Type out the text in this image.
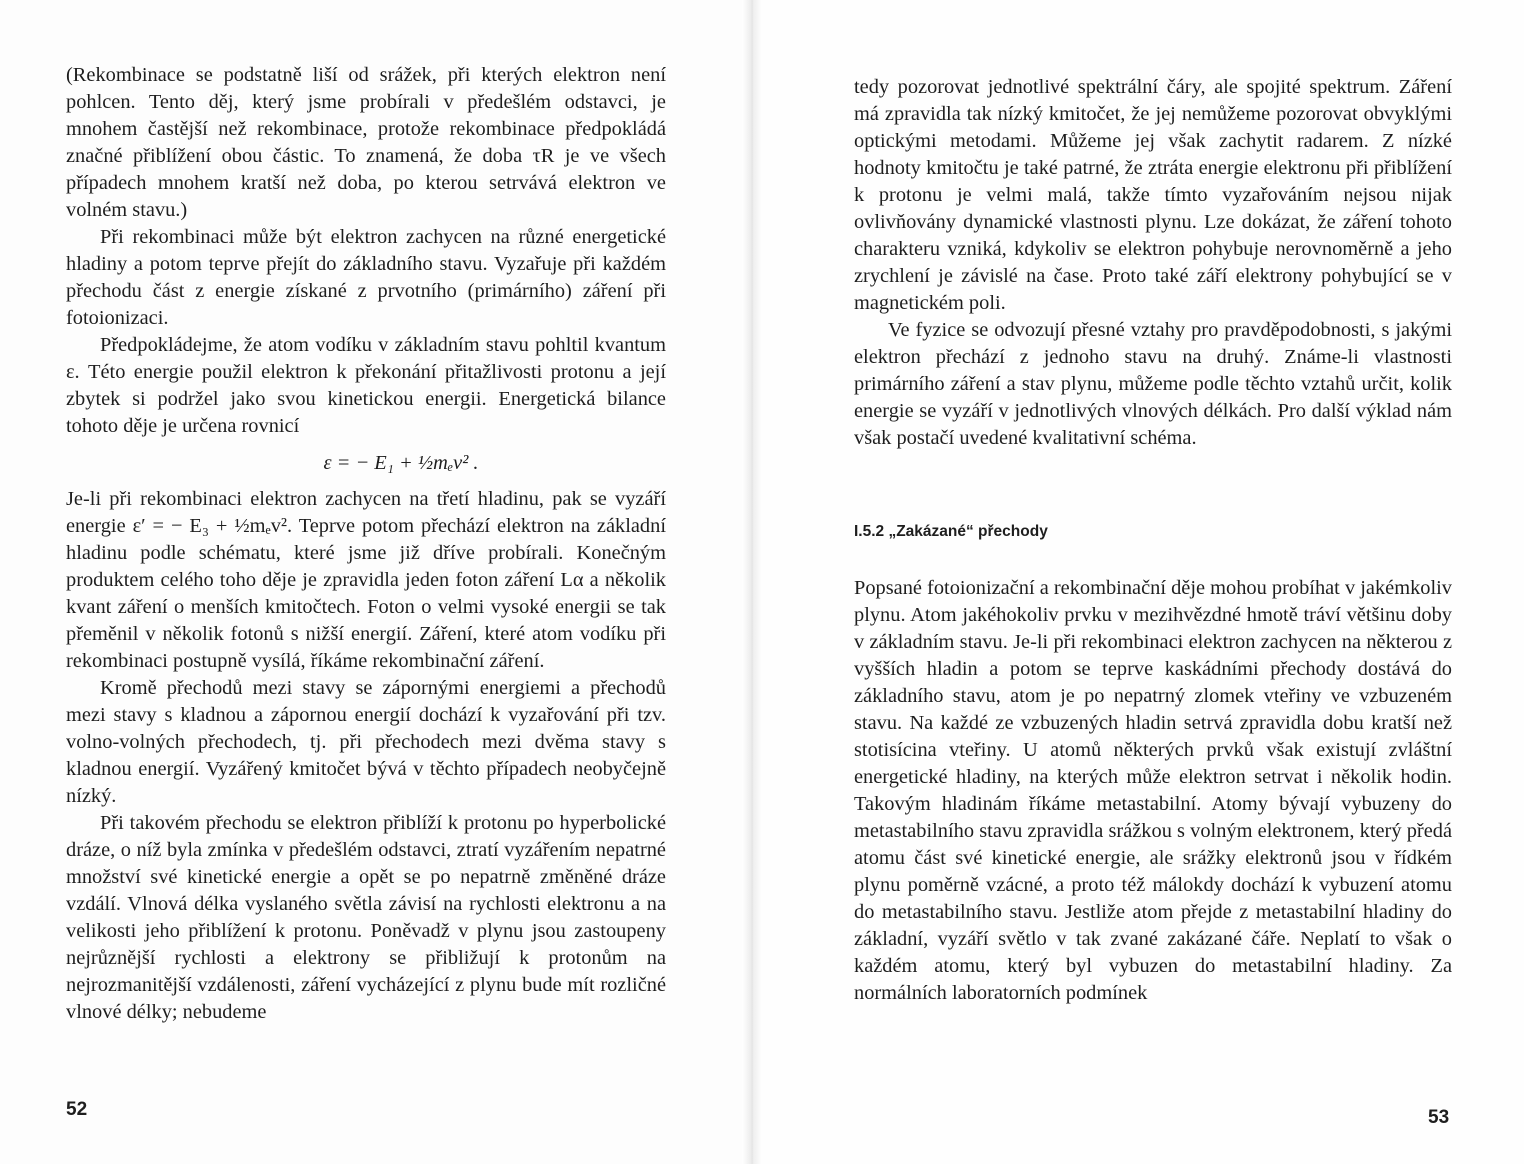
(Rekombinace se podstatně liší od srážek, při kterých elektron není pohlcen. Tento děj, který jsme probírali v předešlém odstavci, je mnohem častější než rekombinace, protože rekombinace předpokládá značné přiblížení obou částic. To znamená, že doba τR je ve všech případech mnohem kratší než doba, po kterou setrvává elektron ve volném stavu.)

Při rekombinaci může být elektron zachycen na různé energetické hladiny a potom teprve přejít do základního stavu. Vyzařuje při každém přechodu část z energie získané z prvotního (primárního) záření při fotoionizaci.

Předpokládejme, že atom vodíku v základním stavu pohltil kvantum ε. Této energie použil elektron k překonání přitažlivosti protonu a její zbytek si podržel jako svou kinetickou energii. Energetická bilance tohoto děje je určena rovnicí

ε = − E₁ + ½mₑv² .

Je-li při rekombinaci elektron zachycen na třetí hladinu, pak se vyzáří energie ε′ = − E₃ + ½mₑv². Teprve potom přechází elektron na základní hladinu podle schématu, které jsme již dříve probírali. Konečným produktem celého toho děje je zpravidla jeden foton záření Lα a několik kvant záření o menších kmitočtech. Foton o velmi vysoké energii se tak přeměnil v několik fotonů s nižší energií. Záření, které atom vodíku při rekombinaci postupně vysílá, říkáme rekombinační záření.

Kromě přechodů mezi stavy se zápornými energiemi a přechodů mezi stavy s kladnou a zápornou energií dochází k vyzařování při tzv. volno-volných přechodech, tj. při přechodech mezi dvěma stavy s kladnou energií. Vyzářený kmitočet bývá v těchto případech neobyčejně nízký.

Při takovém přechodu se elektron přiblíží k protonu po hyperbolické dráze, o níž byla zmínka v předešlém odstavci, ztratí vyzářením nepatrné množství své kinetické energie a opět se po nepatrně změněné dráze vzdálí. Vlnová délka vyslaného světla závisí na rychlosti elektronu a na velikosti jeho přiblížení k protonu. Poněvadž v plynu jsou zastoupeny nejrůznější rychlosti a elektrony se přibližují k protonům na nejrozmanitější vzdálenosti, záření vycházející z plynu bude mít rozličné vlnové délky; nebudeme

tedy pozorovat jednotlivé spektrální čáry, ale spojité spektrum. Záření má zpravidla tak nízký kmitočet, že jej nemůžeme pozorovat obvyklými optickými metodami. Můžeme jej však zachytit radarem. Z nízké hodnoty kmitočtu je také patrné, že ztráta energie elektronu při přiblížení k protonu je velmi malá, takže tímto vyzařováním nejsou nijak ovlivňovány dynamické vlastnosti plynu. Lze dokázat, že záření tohoto charakteru vzniká, kdykoliv se elektron pohybuje nerovnoměrně a jeho zrychlení je závislé na čase. Proto také září elektrony pohybující se v magnetickém poli.

Ve fyzice se odvozují přesné vztahy pro pravděpodobnosti, s jakými elektron přechází z jednoho stavu na druhý. Známe-li vlastnosti primárního záření a stav plynu, můžeme podle těchto vztahů určit, kolik energie se vyzáří v jednotlivých vlnových délkách. Pro další výklad nám však postačí uvedené kvalitativní schéma.

I.5.2 „Zakázané“ přechody

Popsané fotoionizační a rekombinační děje mohou probíhat v jakémkoliv plynu. Atom jakéhokoliv prvku v mezihvězdné hmotě tráví většinu doby v základním stavu. Je-li při rekombinaci elektron zachycen na některou z vyšších hladin a potom se teprve kaskádními přechody dostává do základního stavu, atom je po nepatrný zlomek vteřiny ve vzbuzeném stavu. Na každé ze vzbuzených hladin setrvá zpravidla dobu kratší než stotisícina vteřiny. U atomů některých prvků však existují zvláštní energetické hladiny, na kterých může elektron setrvat i několik hodin. Takovým hladinám říkáme metastabilní. Atomy bývají vybuzeny do metastabilního stavu zpravidla srážkou s volným elektronem, který předá atomu část své kinetické energie, ale srážky elektronů jsou v řídkém plynu poměrně vzácné, a proto též málokdy dochází k vybuzení atomu do metastabilního stavu. Jestliže atom přejde z metastabilní hladiny do základní, vyzáří světlo v tak zvané zakázané čáře. Neplatí to však o každém atomu, který byl vybuzen do metastabilní hladiny. Za normálních laboratorních podmínek

52	53
